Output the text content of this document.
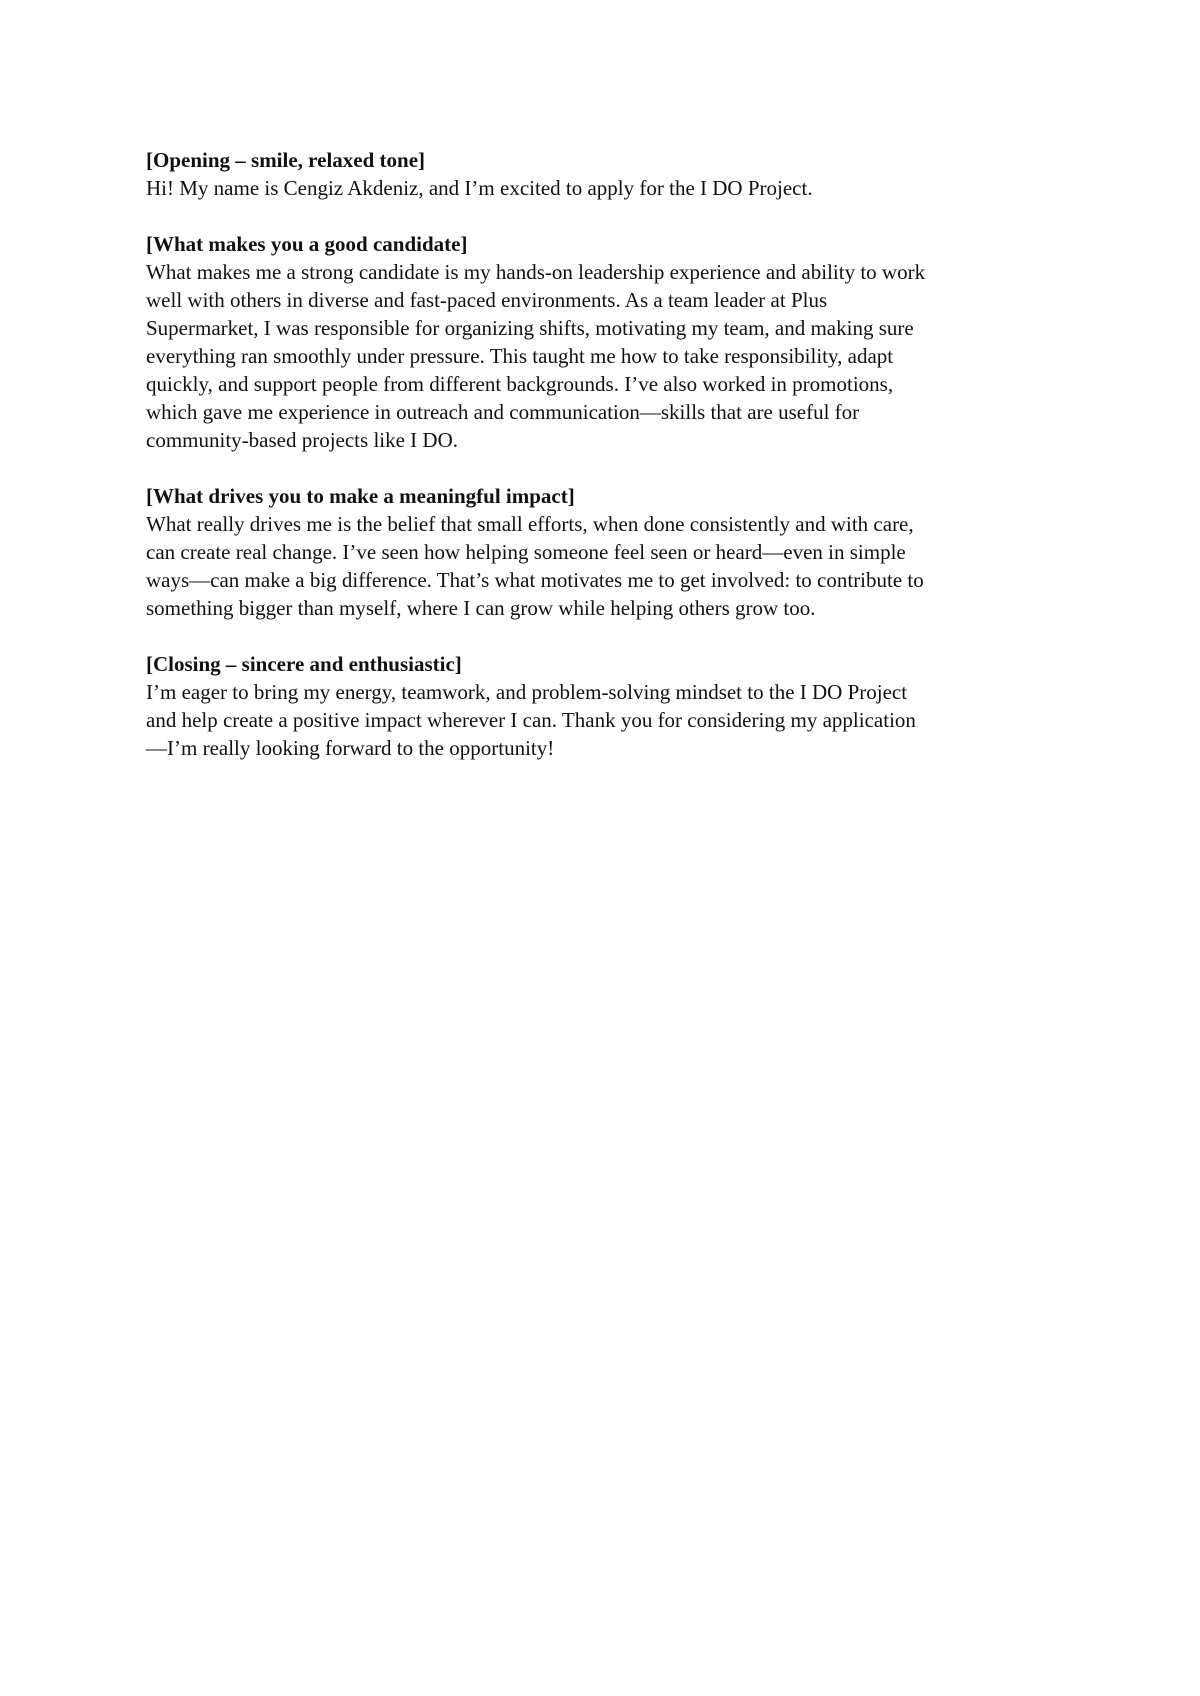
[Opening – smile, relaxed tone]
Hi! My name is Cengiz Akdeniz, and I’m excited to apply for the I DO Project.
[What makes you a good candidate]
What makes me a strong candidate is my hands-on leadership experience and ability to work
well with others in diverse and fast-paced environments. As a team leader at Plus
Supermarket, I was responsible for organizing shifts, motivating my team, and making sure
everything ran smoothly under pressure. This taught me how to take responsibility, adapt
quickly, and support people from different backgrounds. I’ve also worked in promotions,
which gave me experience in outreach and communication—skills that are useful for
community-based projects like I DO.
[What drives you to make a meaningful impact]
What really drives me is the belief that small efforts, when done consistently and with care,
can create real change. I’ve seen how helping someone feel seen or heard—even in simple
ways—can make a big difference. That’s what motivates me to get involved: to contribute to
something bigger than myself, where I can grow while helping others grow too.
[Closing – sincere and enthusiastic]
I’m eager to bring my energy, teamwork, and problem-solving mindset to the I DO Project
and help create a positive impact wherever I can. Thank you for considering my application
—I’m really looking forward to the opportunity!
